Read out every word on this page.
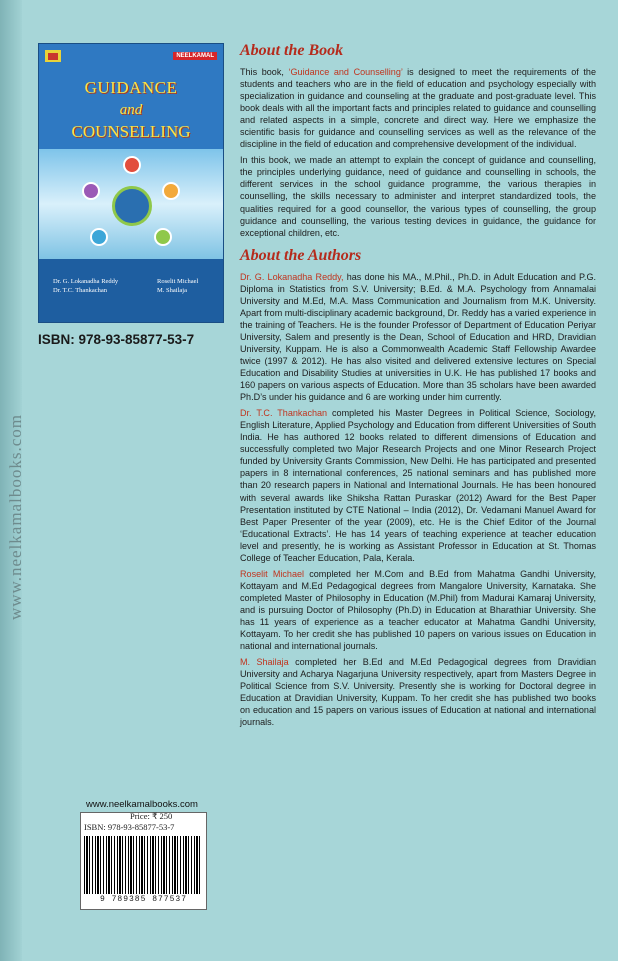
www.neelkamalbooks.com
NEELKAMAL
GUIDANCE
and
COUNSELLING
Dr. G. Lokanadha Reddy
Dr. T.C. Thankachan
Roselit Michael
M. Shailaja
ISBN: 978-93-85877-53-7
About the Book

This book, ‘Guidance and Counselling’ is designed to meet the requirements of the students and teachers who are in the field of education and psychology especially with specialization in guidance and counseling at the graduate and post-graduate level. This book deals with all the important facts and principles related to guidance and counselling and related aspects in a simple, concrete and direct way. Here we emphasize the scientific basis for guidance and counselling services as well as the relevance of the discipline in the field of education and comprehensive development of the individual.

In this book, we made an attempt to explain the concept of guidance and counselling, the principles underlying guidance, need of guidance and counselling in schools, the different services in the school guidance programme, the various therapies in counselling, the skills necessary to administer and interpret standardized tools, the qualities required for a good counsellor, the various types of counselling, the group guidance and counselling, the various testing devices in guidance, the guidance for exceptional children, etc.

About the Authors

Dr. G. Lokanadha Reddy, has done his MA., M.Phil., Ph.D. in Adult Education and P.G. Diploma in Statistics from S.V. University; B.Ed. & M.A. Psychology from Annamalai University and M.Ed, M.A. Mass Communication and Journalism from M.K. University. Apart from multi-disciplinary academic background, Dr. Reddy has a varied experience in the training of Teachers. He is the founder Professor of Department of Education Periyar University, Salem and presently is the Dean, School of Education and HRD, Dravidian University, Kuppam. He is also a Commonwealth Academic Staff Fellowship Awardee twice (1997 & 2012). He has also visited and delivered extensive lectures on Special Education and Disability Studies at universities in U.K. He has published 17 books and 160 papers on various aspects of Education. More than 35 scholars have been awarded Ph.D’s under his guidance and 6 are working under him currently.

Dr. T.C. Thankachan completed his Master Degrees in Political Science, Sociology, English Literature, Applied Psychology and Education from different Universities of South India. He has authored 12 books related to different dimensions of Education and successfully completed two Major Research Projects and one Minor Research Project funded by University Grants Commission, New Delhi. He has participated and presented papers in 8 international conferences, 25 national seminars and has published more than 20 research papers in National and International Journals. He has been honoured with several awards like Shiksha Rattan Puraskar (2012) Award for the Best Paper Presentation instituted by CTE National – India (2012), Dr. Vedamani Manuel Award for Best Paper Presenter of the year (2009), etc. He is the Chief Editor of the Journal ‘Educational Extracts’. He has 14 years of teaching experience at teacher education level and presently, he is working as Assistant Professor in Education at St. Thomas College of Teacher Education, Pala, Kerala.

Roselit Michael completed her M.Com and B.Ed from Mahatma Gandhi University, Kottayam and M.Ed Pedagogical degrees from Mangalore University, Karnataka. She completed Master of Philosophy in Education (M.Phil) from Madurai Kamaraj University, and is pursuing Doctor of Philosophy (Ph.D) in Education at Bharathiar University. She has 11 years of experience as a teacher educator at Mahatma Gandhi University, Kottayam. To her credit she has published 10 papers on various issues on Education in national and international journals.

M. Shailaja completed her B.Ed and M.Ed Pedagogical degrees from Dravidian University and Acharya Nagarjuna University respectively, apart from Masters Degree in Political Science from S.V. University. Presently she is working for Doctoral degree in Education at Dravidian University, Kuppam. To her credit she has published two books on education and 15 papers on various issues of Education at national and international journals.

www.neelkamalbooks.com
Price: ₹ 250
ISBN: 978-93-85877-53-7
9 789385 877537
